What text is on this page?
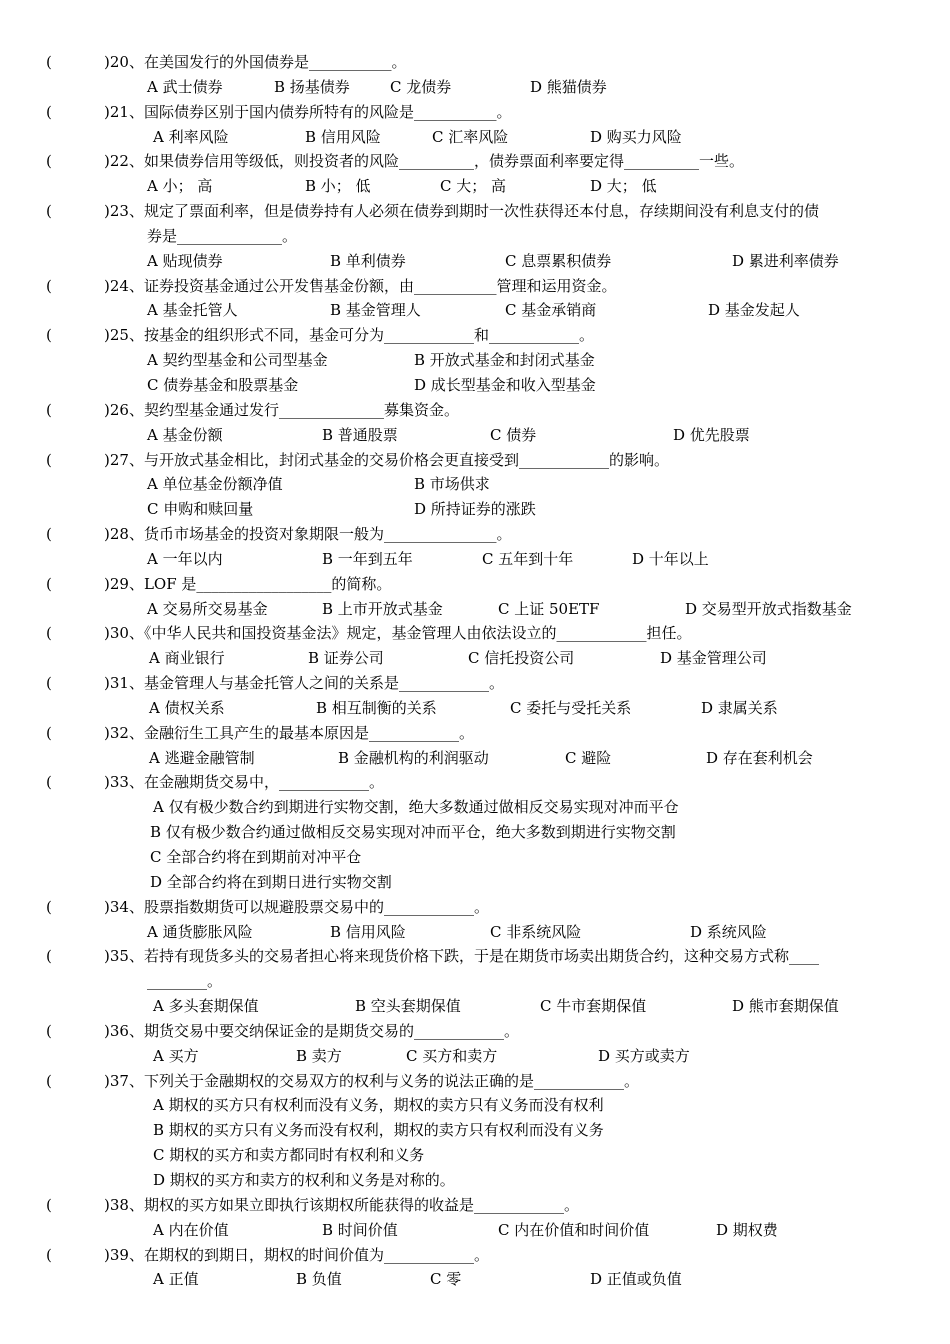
(	)20、在美国发行的外国债券是___________。
A 武士债券	B 扬基债券	C 龙债券	D 熊猫债券
(	)21、国际债券区别于国内债券所特有的风险是___________。
A 利率风险	B 信用风险	C 汇率风险	D 购买力风险
(	)22、如果债券信用等级低，则投资者的风险__________，债券票面利率要定得__________一些。
A 小； 高	B 小； 低	C 大； 高	D 大； 低
(	)23、规定了票面利率，但是债券持有人必须在债券到期时一次性获得还本付息，存续期间没有利息支付的债
券是______________。
A 贴现债券	B 单利债券	C 息票累积债券	D 累进利率债券
(	)24、证券投资基金通过公开发售基金份额，由___________管理和运用资金。
A 基金托管人	B 基金管理人	C 基金承销商	D 基金发起人
(	)25、按基金的组织形式不同，基金可分为____________和____________。
A 契约型基金和公司型基金	B 开放式基金和封闭式基金
C 债券基金和股票基金	D 成长型基金和收入型基金
(	)26、契约型基金通过发行______________募集资金。
A 基金份额	B 普通股票	C 债券	D 优先股票
(	)27、与开放式基金相比，封闭式基金的交易价格会更直接受到____________的影响。
A 单位基金份额净值	B 市场供求
C 申购和赎回量	D 所持证券的涨跌
(	)28、货币市场基金的投资对象期限一般为_______________。
A 一年以内	B 一年到五年	C 五年到十年	D 十年以上
(	)29、LOF 是__________________的简称。
A 交易所交易基金	B 上市开放式基金	C 上证 50ETF	D 交易型开放式指数基金
(	)30、《中华人民共和国投资基金法》规定，基金管理人由依法设立的____________担任。
A 商业银行	B 证券公司	C 信托投资公司	D 基金管理公司
(	)31、基金管理人与基金托管人之间的关系是____________。
A 债权关系	B 相互制衡的关系	C 委托与受托关系	D 隶属关系
(	)32、金融衍生工具产生的最基本原因是____________。
A 逃避金融管制	B 金融机构的利润驱动	C 避险	D 存在套利机会
(	)33、在金融期货交易中，____________。
A 仅有极少数合约到期进行实物交割，绝大多数通过做相反交易实现对冲而平仓
B 仅有极少数合约通过做相反交易实现对冲而平仓，绝大多数到期进行实物交割
C 全部合约将在到期前对冲平仓
D 全部合约将在到期日进行实物交割
(	)34、股票指数期货可以规避股票交易中的____________。
A 通货膨胀风险	B 信用风险	C 非系统风险	D 系统风险
(	)35、若持有现货多头的交易者担心将来现货价格下跌，于是在期货市场卖出期货合约，这种交易方式称____
________。
A 多头套期保值	B 空头套期保值	C 牛市套期保值	D 熊市套期保值
(	)36、期货交易中要交纳保证金的是期货交易的____________。
A 买方	B 卖方	C 买方和卖方	D 买方或卖方
(	)37、下列关于金融期权的交易双方的权利与义务的说法正确的是____________。
A 期权的买方只有权利而没有义务，期权的卖方只有义务而没有权利
B 期权的买方只有义务而没有权利，期权的卖方只有权利而没有义务
C 期权的买方和卖方都同时有权利和义务
D 期权的买方和卖方的权利和义务是对称的。
(	)38、期权的买方如果立即执行该期权所能获得的收益是____________。
A 内在价值	B 时间价值	C 内在价值和时间价值	D 期权费
(	)39、在期权的到期日，期权的时间价值为____________。
A 正值	B 负值	C 零	D 正值或负值
